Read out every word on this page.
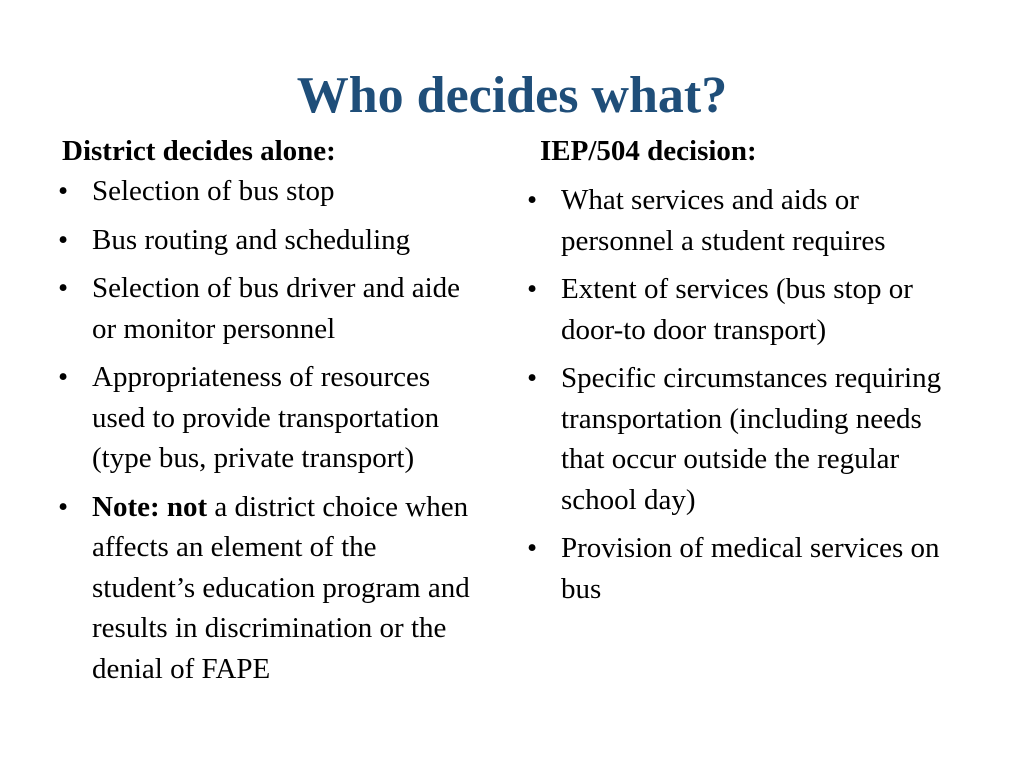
Who decides what?
District decides alone:
• Selection of bus stop
• Bus routing and scheduling
• Selection of bus driver and aide or monitor personnel
• Appropriateness of resources used to provide transportation (type bus, private transport)
• Note: not a district choice when affects an element of the student’s education program and results in discrimination or the denial of FAPE
IEP/504 decision:
• What services and aids or personnel a student requires
• Extent of services (bus stop or door-to door transport)
• Specific circumstances requiring transportation (including needs that occur outside the regular school day)
• Provision of medical services on bus
